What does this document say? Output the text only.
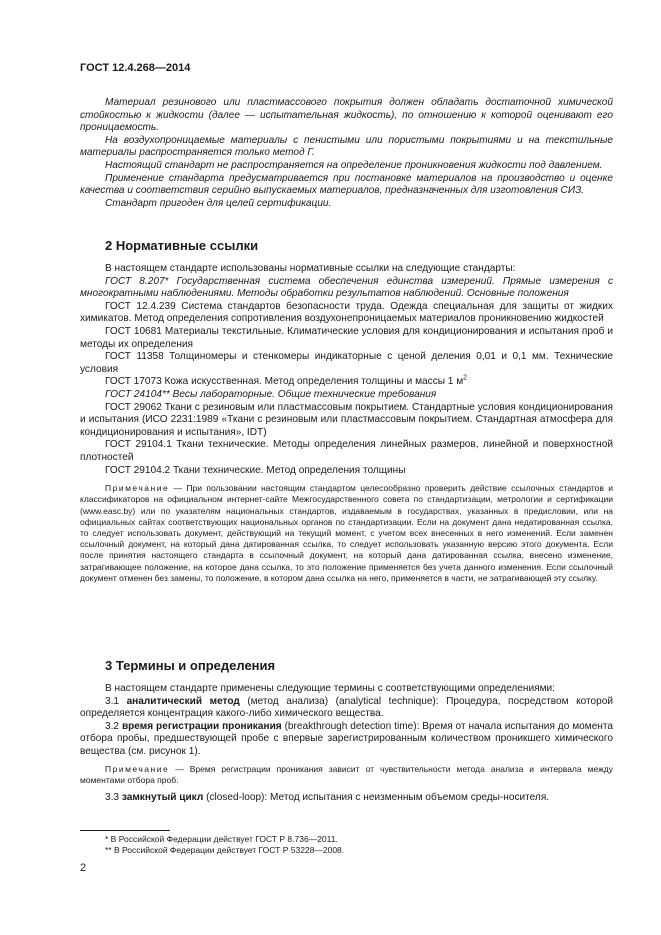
ГОСТ 12.4.268—2014

Материал резинового или пластмассового покрытия должен обладать достаточной химической стойкостью к жидкости (далее — испытательная жидкость), по отношению к которой оценивают его проницаемость.

На воздухопроницаемые материалы с пенистыми или пористыми покрытиями и на текстильные материалы распространяется только метод Г.

Настоящий стандарт не распространяется на определение проникновения жидкости под давлением.

Применение стандарта предусматривается при постановке материалов на производство и оценке качества и соответствия серийно выпускаемых материалов, предназначенных для изготовления СИЗ.

Стандарт пригоден для целей сертификации.

2 Нормативные ссылки

В настоящем стандарте использованы нормативные ссылки на следующие стандарты:

ГОСТ 8.207* Государственная система обеспечения единства измерений. Прямые измерения с многократными наблюдениями. Методы обработки результатов наблюдений. Основные положения

ГОСТ 12.4.239 Система стандартов безопасности труда. Одежда специальная для защиты от жидких химикатов. Метод определения сопротивления воздухонепроницаемых материалов проникновению жидкостей

ГОСТ 10681 Материалы текстильные. Климатические условия для кондиционирования и испытания проб и методы их определения

ГОСТ 11358 Толщиномеры и стенкомеры индикаторные с ценой деления 0,01 и 0,1 мм. Технические условия

ГОСТ 17073 Кожа искусственная. Метод определения толщины и массы 1 $м^2$

ГОСТ 24104** Весы лабораторные. Общие технические требования

ГОСТ 29062 Ткани с резиновым или пластмассовым покрытием. Стандартные условия кондиционирования и испытания (ИСО 2231:1989 «Ткани с резиновым или пластмассовым покрытием. Стандартная атмосфера для кондиционирования и испытания», IDT)

ГОСТ 29104.1 Ткани технические. Методы определения линейных размеров, линейной и поверхностной плотностей

ГОСТ 29104.2 Ткани технические. Метод определения толщины

Примечание — При пользовании настоящим стандартом целесообразно проверить действие ссылочных стандартов и классификаторов на официальном интернет-сайте Межгосударственного совета по стандартизации, метрологии и сертификации (www.easc.by) или по указателям национальных стандартов, издаваемым в государствах, указанных в предисловии, или на официальных сайтах соответствующих национальных органов по стандартизации. Если на документ дана недатированная ссылка, то следует использовать документ, действующий на текущий момент, с учетом всех внесенных в него изменений. Если заменен ссылочный документ, на который дана датированная ссылка, то следует использовать указанную версию этого документа. Если после принятия настоящего стандарта в ссылочный документ, на который дана датированная ссылка, внесено изменение, затрагивающее положение, на которое дана ссылка, то это положение применяется без учета данного изменения. Если ссылочный документ отменен без замены, то положение, в котором дана ссылка на него, применяется в части, не затрагивающей эту ссылку.

3 Термины и определения

В настоящем стандарте применены следующие термины с соответствующими определениями:

3.1 аналитический метод (метод анализа) (analytical technique): Процедура, посредством которой определяется концентрация какого-либо химического вещества.

3.2 время регистрации проникания (breakthrough detection time): Время от начала испытания до момента отбора пробы, предшествующей пробе с впервые зарегистрированным количеством проникшего химического вещества (см. рисунок 1).

Примечание — Время регистрации проникания зависит от чувствительности метода анализа и интервала между моментами отбора проб.

3.3 замкнутый цикл (closed-loop): Метод испытания с неизменным объемом среды-носителя.

* В Российской Федерации действует ГОСТ Р 8.736—2011.

** В Российской Федерации действует ГОСТ Р 53228—2008.

2
